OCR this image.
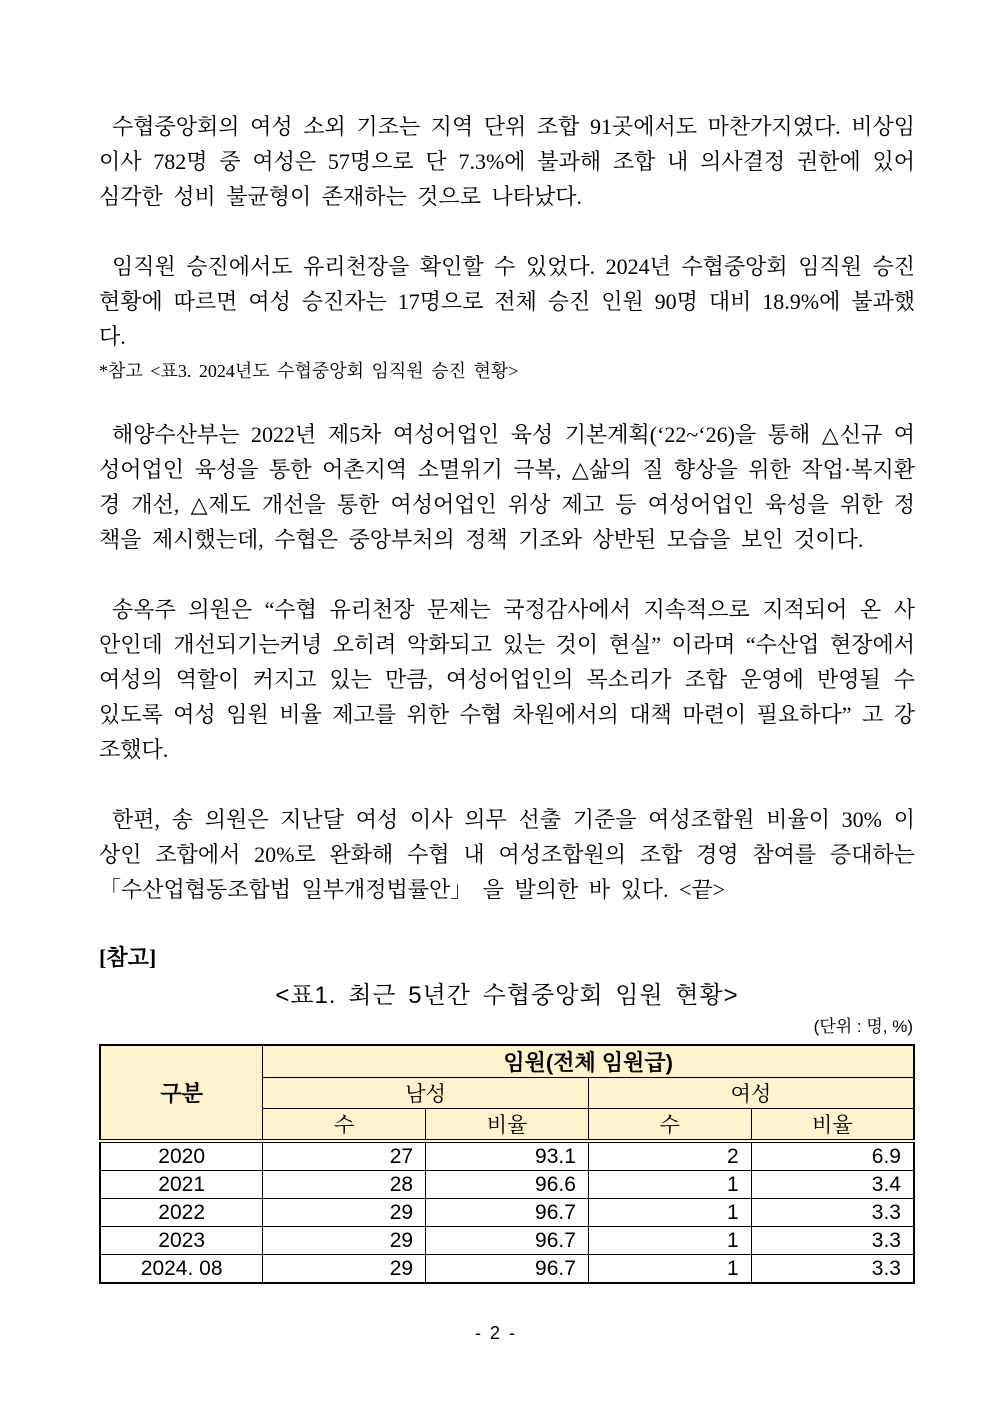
수협중앙회의 여성 소외 기조는 지역 단위 조합 91곳에서도 마찬가지였다. 비상임이사 782명 중 여성은 57명으로 단 7.3%에 불과해 조합 내 의사결정 권한에 있어 심각한 성비 불균형이 존재하는 것으로 나타났다.

임직원 승진에서도 유리천장을 확인할 수 있었다. 2024년 수협중앙회 임직원 승진 현황에 따르면 여성 승진자는 17명으로 전체 승진 인원 90명 대비 18.9%에 불과했다.

*참고 <표3. 2024년도 수협중앙회 임직원 승진 현황>

해양수산부는 2022년 제5차 여성어업인 육성 기본계획(‘22~‘26)을 통해 △신규 여성어업인 육성을 통한 어촌지역 소멸위기 극복, △삶의 질 향상을 위한 작업·복지환경 개선, △제도 개선을 통한 여성어업인 위상 제고 등 여성어업인 육성을 위한 정책을 제시했는데, 수협은 중앙부처의 정책 기조와 상반된 모습을 보인 것이다.

송옥주 의원은 “수협 유리천장 문제는 국정감사에서 지속적으로 지적되어 온 사안인데 개선되기는커녕 오히려 악화되고 있는 것이 현실” 이라며 “수산업 현장에서 여성의 역할이 커지고 있는 만큼, 여성어업인의 목소리가 조합 운영에 반영될 수 있도록 여성 임원 비율 제고를 위한 수협 차원에서의 대책 마련이 필요하다” 고 강조했다.

한편, 송 의원은 지난달 여성 이사 의무 선출 기준을 여성조합원 비율이 30% 이상인 조합에서 20%로 완화해 수협 내 여성조합원의 조합 경영 참여를 증대하는 「수산업협동조합법 일부개정법률안」 을 발의한 바 있다. <끝>

[참고]
<표1. 최근 5년간 수협중앙회 임원 현황>
(단위 : 명, %)
구분	임원(전체 임원급)			
	남성		여성	
	수	비율	수	비율
2020	27	93.1	2	6.9
2021	28	96.6	1	3.4
2022	29	96.7	1	3.3
2023	29	96.7	1	3.3
2024. 08	29	96.7	1	3.3
- 2 -
